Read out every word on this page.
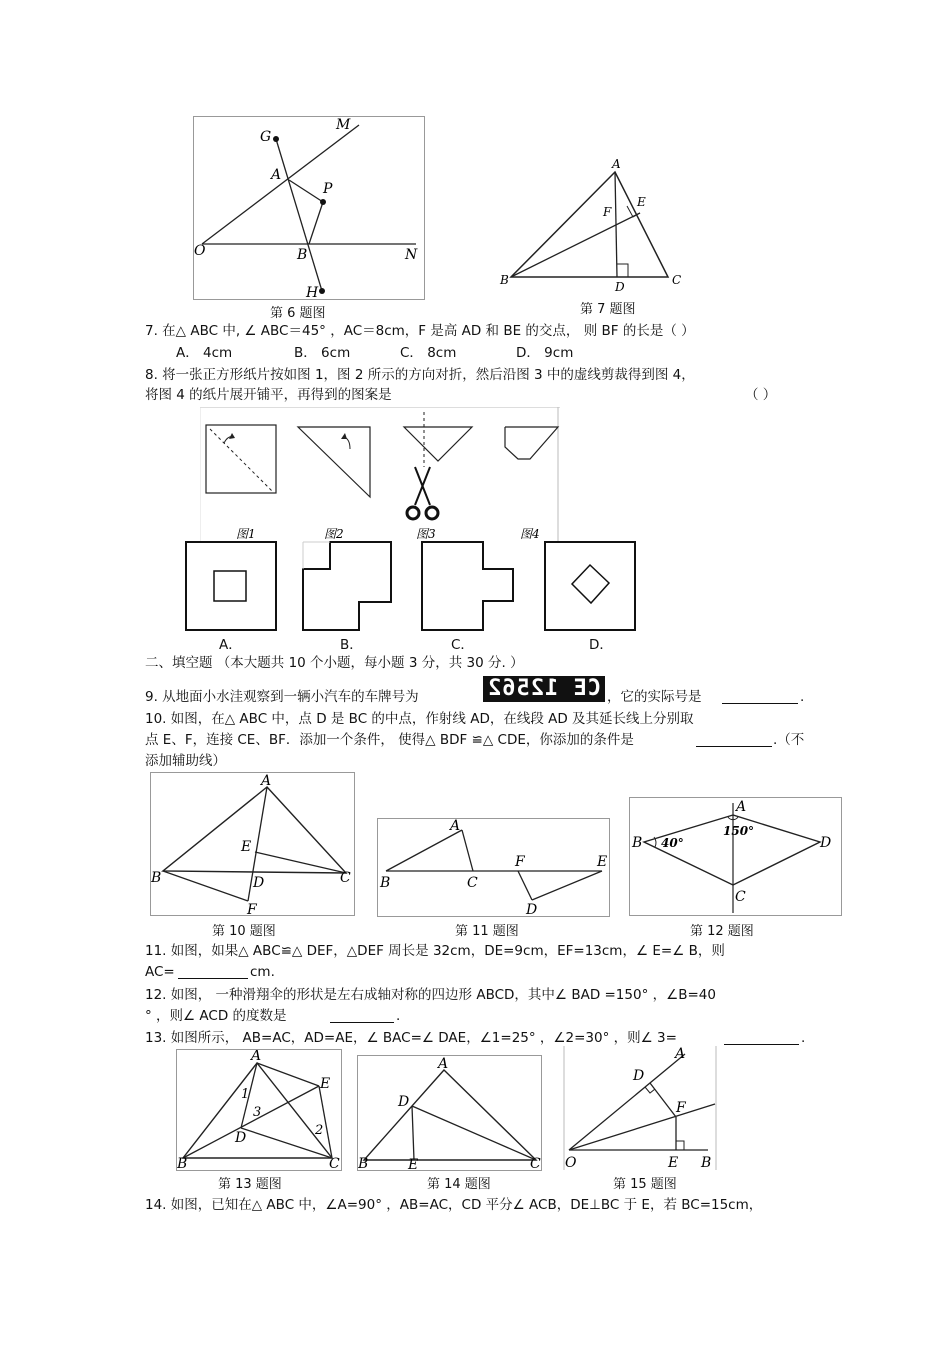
G
M
A
P
O	B	N
H
第 6 题图
A
E
F
B	D	C
第 7 题图
7. 在△ ABC 中, ∠ ABC＝45° ，AC＝8cm，F 是高 AD 和 BE 的交点， 则 BF 的长是（ ）
A． 4cm	B． 6cm	C． 8cm	D． 9cm
8. 将一张正方形纸片按如图 1，图 2 所示的方向对折，然后沿图 3 中的虚线剪裁得到图 4，
将图 4 的纸片展开铺平，再得到的图案是	（ ）
图1	图2	图3	图4
A．	B．	C．	D．
二、填空题 （本大题共 10 个小题，每小题 3 分，共 30 分. ）
9. 从地面小水洼观察到一辆小汽车的车牌号为	CE 12562 ，它的实际号是	.
10. 如图，在△ ABC 中，点 D 是 BC 的中点，作射线 AD，在线段 AD 及其延长线上分别取
点 E、F，连接 CE、BF．添加一个条件， 使得△ BDF ≌△ CDE，你添加的条件是	.（不
添加辅助线）
A
E
B	D	C
F
第 10 题图
A
F	E
B	C
D
第 11 题图
A
150°
B 40°	D
C
第 12 题图
11. 如图，如果△ ABC≌△ DEF，△DEF 周长是 32cm，DE=9cm，EF=13cm，∠ E=∠ B，则
AC=	cm.
12. 如图， 一种滑翔伞的形状是左右成轴对称的四边形 ABCD，其中∠ BAD =150° ，∠B=40
° ，则∠ ACD 的度数是	.
13. 如图所示， AB=AC，AD=AE，∠ BAC=∠ DAE，∠1=25° ，∠2=30° ，则∠ 3=	.
A
E
1
3
D	2
B	C
第 13 题图
A
D
B	E	C
第 14 题图
A
D
F
O	E B
第 15 题图
14. 如图，已知在△ ABC 中，∠A=90° ，AB=AC，CD 平分∠ ACB，DE⊥BC 于 E，若 BC=15cm，
